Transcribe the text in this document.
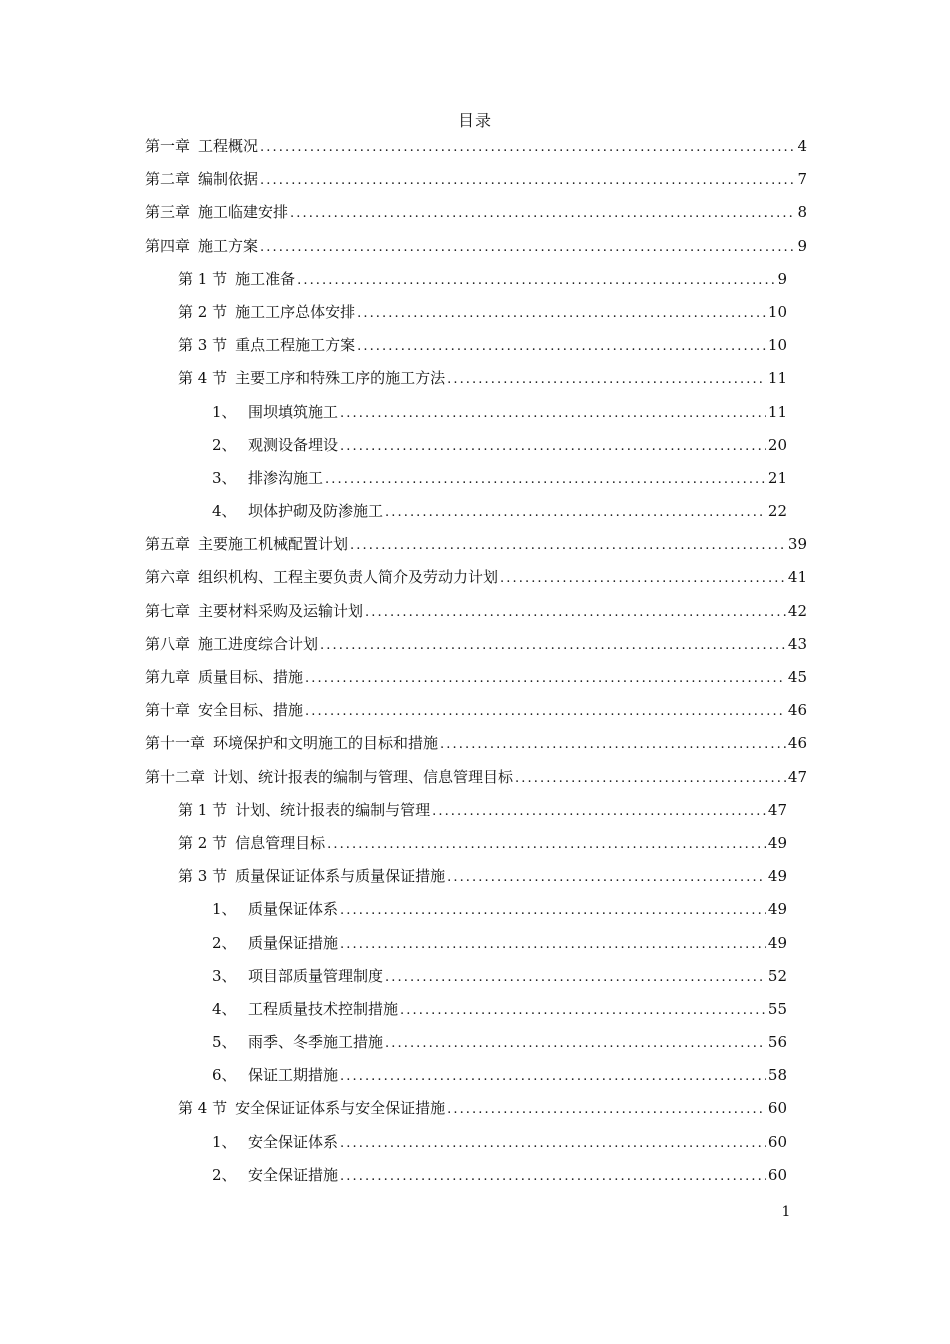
目录
第一章 工程概况 .....	4
第二章 编制依据 .....	7
第三章 施工临建安排 .....	8
第四章 施工方案 .....	9
第 1 节 施工准备 .....	9
第 2 节 施工工序总体安排 .....	10
第 3 节 重点工程施工方案 .....	10
第 4 节 主要工序和特殊工序的施工方法 .....	11
1、 围坝填筑施工 .....	11
2、 观测设备埋设 .....	20
3、 排渗沟施工 .....	21
4、 坝体护砌及防渗施工 .....	22
第五章 主要施工机械配置计划 .....	39
第六章 组织机构、工程主要负责人简介及劳动力计划 .....	41
第七章 主要材料采购及运输计划 .....	42
第八章 施工进度综合计划 .....	43
第九章 质量目标、措施 .....	45
第十章 安全目标、措施 .....	46
第十一章 环境保护和文明施工的目标和措施 .....	46
第十二章 计划、统计报表的编制与管理、信息管理目标 .....	47
第 1 节 计划、统计报表的编制与管理 .....	47
第 2 节 信息管理目标 .....	49
第 3 节 质量保证证体系与质量保证措施 .....	49
1、 质量保证体系 .....	49
2、 质量保证措施 .....	49
3、 项目部质量管理制度 .....	52
4、 工程质量技术控制措施 .....	55
5、 雨季、冬季施工措施 .....	56
6、 保证工期措施 .....	58
第 4 节 安全保证证体系与安全保证措施 .....	60
1、 安全保证体系 .....	60
2、 安全保证措施 .....	60
1
